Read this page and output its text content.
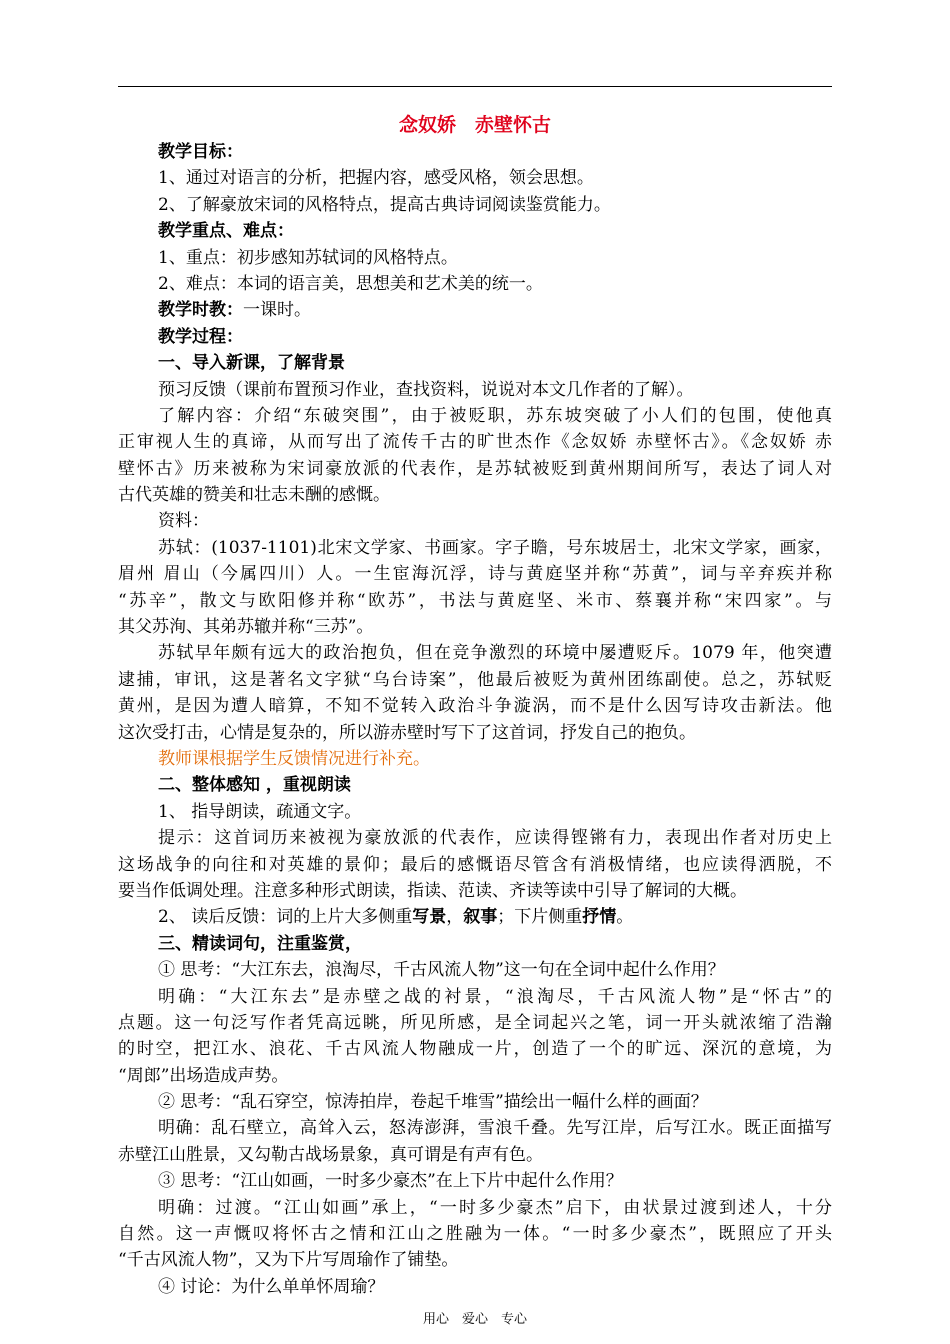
念奴娇　赤壁怀古
教学目标：
1、通过对语言的分析，把握内容，感受风格，领会思想。
2、了解豪放宋词的风格特点，提高古典诗词阅读鉴赏能力。
教学重点、难点：
1、重点：初步感知苏轼词的风格特点。
2、难点：本词的语言美，思想美和艺术美的统一。
教学时教：一课时。
教学过程：
一、导入新课，了解背景
预习反馈（课前布置预习作业，查找资料，说说对本文几作者的了解）。
了解内容：介绍“东破突围”，由于被贬职，苏东坡突破了小人们的包围，使他真
正审视人生的真谛，从而写出了流传千古的旷世杰作《念奴娇 赤壁怀古》。《念奴娇 赤
壁怀古》历来被称为宋词豪放派的代表作，是苏轼被贬到黄州期间所写，表达了词人对
古代英雄的赞美和壮志未酬的感慨。
资料：
苏轼：(1037-1101)北宋文学家、书画家。字子瞻，号东坡居士，北宋文学家，画家，
眉州 眉山（今属四川）人。一生宦海沉浮，诗与黄庭坚并称“苏黄”，词与辛弃疾并称
“苏辛”，散文与欧阳修并称“欧苏”，书法与黄庭坚、米市、蔡襄并称“宋四家”。与
其父苏洵、其弟苏辙并称“三苏”。
苏轼早年颇有远大的政治抱负，但在竞争激烈的环境中屡遭贬斥。1079 年，他突遭
逮捕，审讯，这是著名文字狱“乌台诗案”，他最后被贬为黄州团练副使。总之，苏轼贬
黄州，是因为遭人暗算，不知不觉转入政治斗争漩涡，而不是什么因写诗攻击新法。他
这次受打击，心情是复杂的，所以游赤壁时写下了这首词，抒发自己的抱负。
教师课根据学生反馈情况进行补充。
二、整体感知 ，重视朗读
1、 指导朗读，疏通文字。
提示：这首词历来被视为豪放派的代表作，应读得铿锵有力，表现出作者对历史上
这场战争的向往和对英雄的景仰；最后的感慨语尽管含有消极情绪，也应读得洒脱，不
要当作低调处理。注意多种形式朗读，指读、范读、齐读等读中引导了解词的大概。
2、 读后反馈：词的上片大多侧重写景，叙事；下片侧重抒情。
三、精读词句，注重鉴赏，
① 思考：“大江东去，浪淘尽，千古风流人物”这一句在全词中起什么作用？
明确：“大江东去”是赤壁之战的衬景，“浪淘尽，千古风流人物”是“怀古”的
点题。这一句泛写作者凭高远眺，所见所感，是全词起兴之笔，词一开头就浓缩了浩瀚
的时空，把江水、浪花、千古风流人物融成一片，创造了一个的旷远、深沉的意境，为
“周郎”出场造成声势。
② 思考：“乱石穿空，惊涛拍岸，卷起千堆雪”描绘出一幅什么样的画面？
明确：乱石壁立，高耸入云，怒涛澎湃，雪浪千叠。先写江岸，后写江水。既正面描写
赤壁江山胜景，又勾勒古战场景象，真可谓是有声有色。
③ 思考：“江山如画，一时多少豪杰”在上下片中起什么作用？
明确：过渡。“江山如画”承上，“一时多少豪杰”启下，由状景过渡到述人，十分
自然。这一声慨叹将怀古之情和江山之胜融为一体。“一时多少豪杰”，既照应了开头
“千古风流人物”，又为下片写周瑜作了铺垫。
④ 讨论：为什么单单怀周瑜？
用心　爱心　专心
